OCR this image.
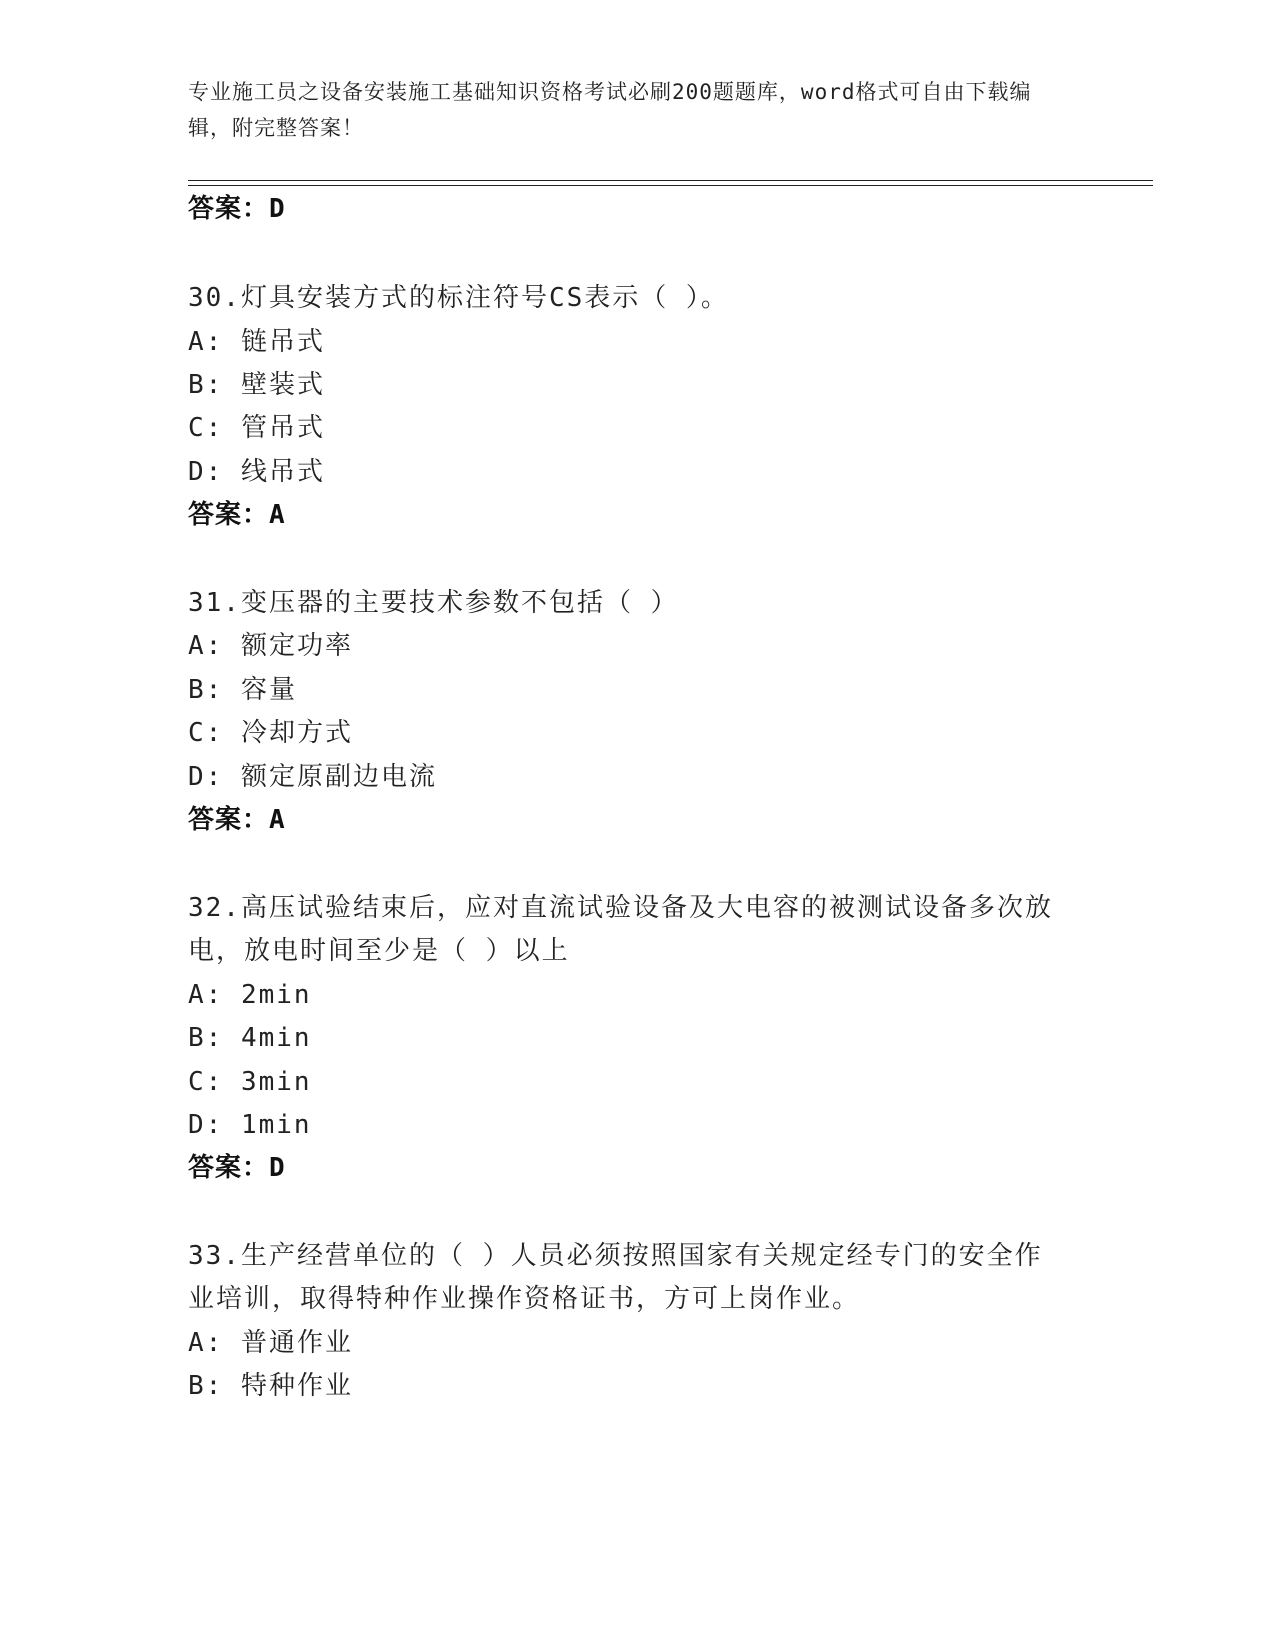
专业施工员之设备安装施工基础知识资格考试必刷200题题库，word格式可自由下载编辑，附完整答案！
答案：D
30.灯具安装方式的标注符号CS表示（ ）。
A: 链吊式
B: 壁装式
C: 管吊式
D: 线吊式
答案：A
31.变压器的主要技术参数不包括（ ）
A: 额定功率
B: 容量
C: 冷却方式
D: 额定原副边电流
答案：A
32.高压试验结束后，应对直流试验设备及大电容的被测试设备多次放
电，放电时间至少是（ ）以上
A: 2min
B: 4min
C: 3min
D: 1min
答案：D
33.生产经营单位的（ ）人员必须按照国家有关规定经专门的安全作
业培训，取得特种作业操作资格证书，方可上岗作业。
A: 普通作业
B: 特种作业
